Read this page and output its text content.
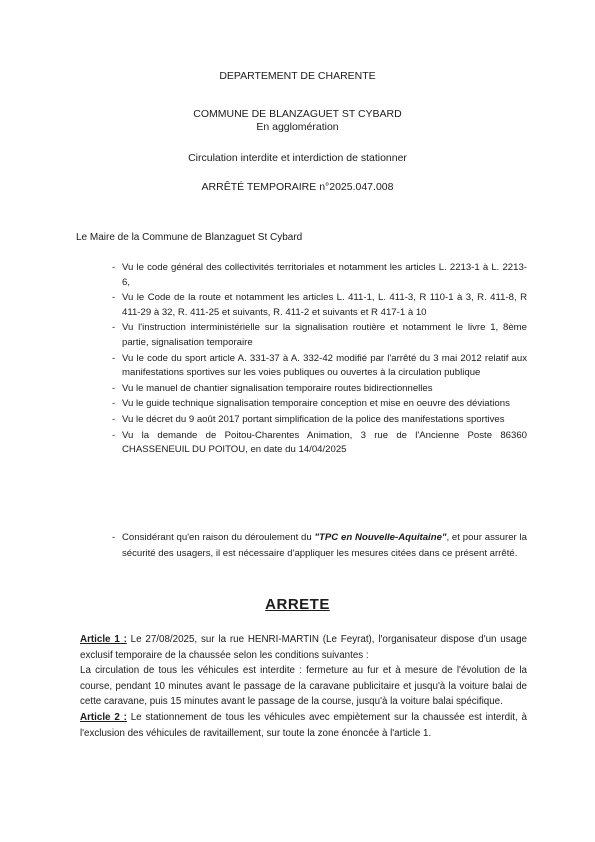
DEPARTEMENT DE CHARENTE
COMMUNE DE BLANZAGUET ST CYBARD
En agglomération
Circulation interdite et interdiction de stationner
ARRÊTÉ TEMPORAIRE n°2025.047.008
Le Maire de la Commune de Blanzaguet St Cybard
- Vu le code général des collectivités territoriales et notamment les articles L. 2213-1 à L. 2213-6,
- Vu le Code de la route et notamment les articles L. 411-1, L. 411-3, R 110-1 à 3, R. 411-8, R 411-29 à 32, R. 411-25 et suivants, R. 411-2 et suivants et R 417-1 à 10
- Vu l'instruction interministérielle sur la signalisation routière et notamment le livre 1, 8ème partie, signalisation temporaire
- Vu le code du sport article A. 331-37 à A. 332-42 modifié par l'arrêté du 3 mai 2012 relatif aux manifestations sportives sur les voies publiques ou ouvertes à la circulation publique
- Vu le manuel de chantier signalisation temporaire routes bidirectionnelles
- Vu le guide technique signalisation temporaire conception et mise en oeuvre des déviations
- Vu le décret du 9 août 2017 portant simplification de la police des manifestations sportives
- Vu la demande de Poitou-Charentes Animation, 3 rue de l'Ancienne Poste 86360 CHASSENEUIL DU POITOU, en date du 14/04/2025
- Considérant qu'en raison du déroulement du "TPC en Nouvelle-Aquitaine", et pour assurer la sécurité des usagers, il est nécessaire d'appliquer les mesures citées dans ce présent arrêté.
ARRETE

Article 1 : Le 27/08/2025, sur la rue HENRI-MARTIN (Le Feyrat), l'organisateur dispose d'un usage exclusif temporaire de la chaussée selon les conditions suivantes :

La circulation de tous les véhicules est interdite : fermeture au fur et à mesure de l'évolution de la course, pendant 10 minutes avant le passage de la caravane publicitaire et jusqu'à la voiture balai de cette caravane, puis 15 minutes avant le passage de la course, jusqu'à la voiture balai spécifique.

Article 2 : Le stationnement de tous les véhicules avec empiètement sur la chaussée est interdit, à l'exclusion des véhicules de ravitaillement, sur toute la zone énoncée à l'article 1.
